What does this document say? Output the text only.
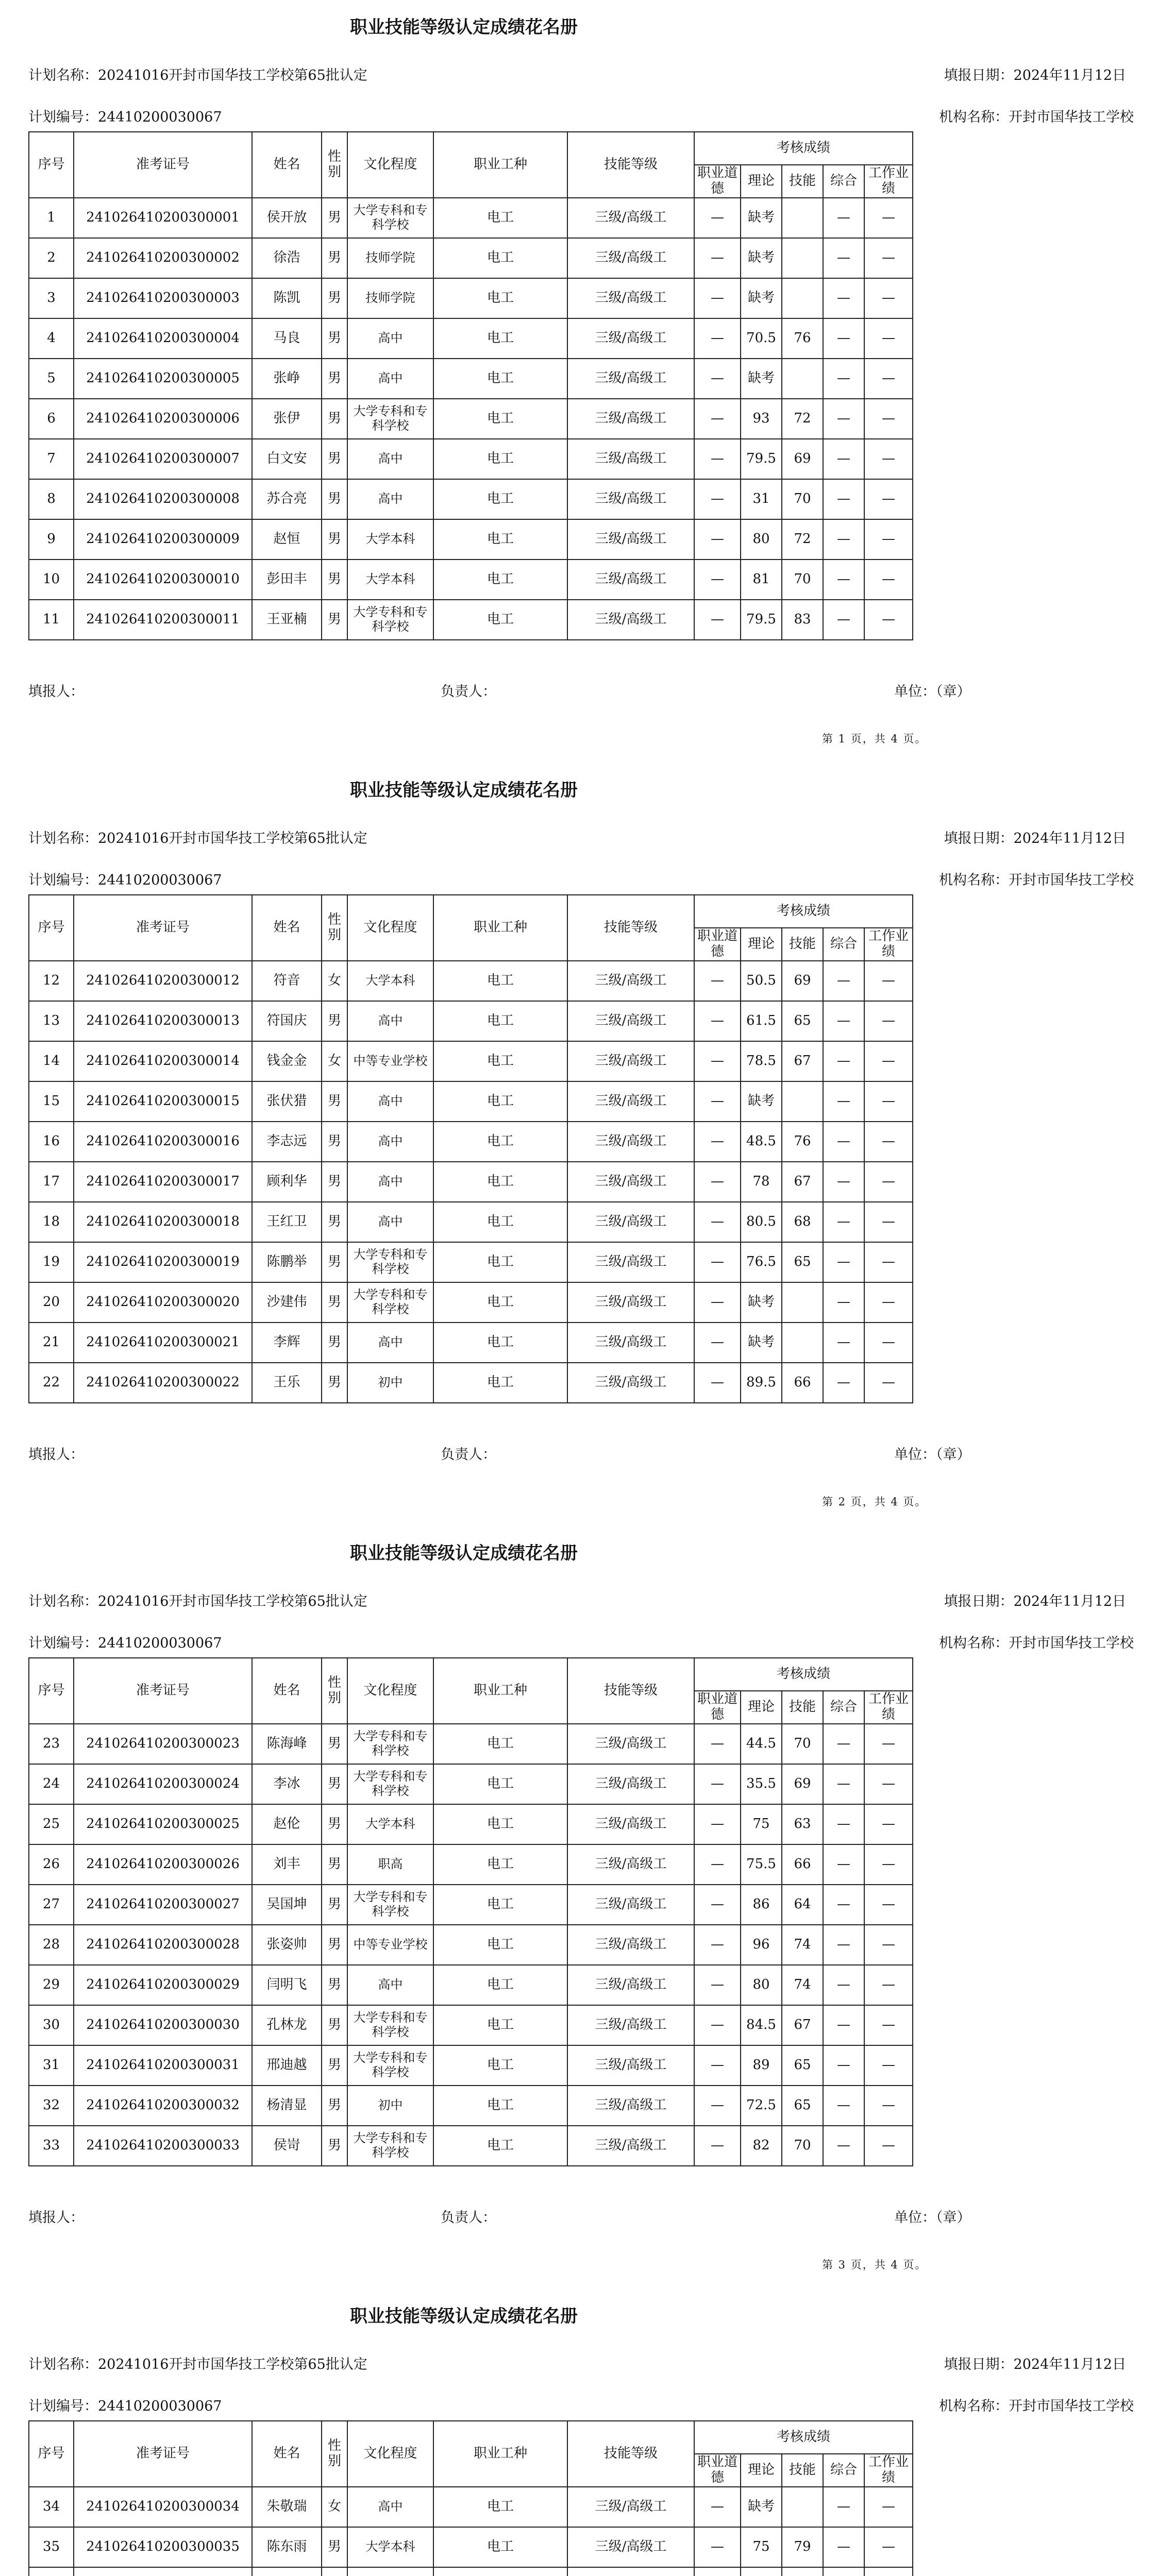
职业技能等级认定成绩花名册
计划名称：20241016开封市国华技工学校第65批认定	填报日期：2024年11月12日
计划编号：24410200030067	机构名称：开封市国华技工学校
序号	准考证号	姓名	性别	文化程度	职业工种	技能等级	考核成绩				
							职业道德	理论	技能	综合	工作业绩
1	241026410200300001	侯开放	男	大学专科和专科学校	电工	三级/高级工	—	缺考		—	—
2	241026410200300002	徐浩	男	技师学院	电工	三级/高级工	—	缺考		—	—
3	241026410200300003	陈凯	男	技师学院	电工	三级/高级工	—	缺考		—	—
4	241026410200300004	马良	男	高中	电工	三级/高级工	—	70.5	76	—	—
5	241026410200300005	张峥	男	高中	电工	三级/高级工	—	缺考		—	—
6	241026410200300006	张伊	男	大学专科和专科学校	电工	三级/高级工	—	93	72	—	—
7	241026410200300007	白文安	男	高中	电工	三级/高级工	—	79.5	69	—	—
8	241026410200300008	苏合亮	男	高中	电工	三级/高级工	—	31	70	—	—
9	241026410200300009	赵恒	男	大学本科	电工	三级/高级工	—	80	72	—	—
10	241026410200300010	彭田丰	男	大学本科	电工	三级/高级工	—	81	70	—	—
11	241026410200300011	王亚楠	男	大学专科和专科学校	电工	三级/高级工	—	79.5	83	—	—
填报人：	负责人：	单位：（章）
第 1 页，共 4 页。
职业技能等级认定成绩花名册
计划名称：20241016开封市国华技工学校第65批认定	填报日期：2024年11月12日
计划编号：24410200030067	机构名称：开封市国华技工学校
序号	准考证号	姓名	性别	文化程度	职业工种	技能等级	考核成绩				
							职业道德	理论	技能	综合	工作业绩
12	241026410200300012	符音	女	大学本科	电工	三级/高级工	—	50.5	69	—	—
13	241026410200300013	符国庆	男	高中	电工	三级/高级工	—	61.5	65	—	—
14	241026410200300014	钱金金	女	中等专业学校	电工	三级/高级工	—	78.5	67	—	—
15	241026410200300015	张伏猎	男	高中	电工	三级/高级工	—	缺考		—	—
16	241026410200300016	李志远	男	高中	电工	三级/高级工	—	48.5	76	—	—
17	241026410200300017	顾利华	男	高中	电工	三级/高级工	—	78	67	—	—
18	241026410200300018	王红卫	男	高中	电工	三级/高级工	—	80.5	68	—	—
19	241026410200300019	陈鹏举	男	大学专科和专科学校	电工	三级/高级工	—	76.5	65	—	—
20	241026410200300020	沙建伟	男	大学专科和专科学校	电工	三级/高级工	—	缺考		—	—
21	241026410200300021	李辉	男	高中	电工	三级/高级工	—	缺考		—	—
22	241026410200300022	王乐	男	初中	电工	三级/高级工	—	89.5	66	—	—
填报人：	负责人：	单位：（章）
第 2 页，共 4 页。
职业技能等级认定成绩花名册
计划名称：20241016开封市国华技工学校第65批认定	填报日期：2024年11月12日
计划编号：24410200030067	机构名称：开封市国华技工学校
序号	准考证号	姓名	性别	文化程度	职业工种	技能等级	考核成绩				
							职业道德	理论	技能	综合	工作业绩
23	241026410200300023	陈海峰	男	大学专科和专科学校	电工	三级/高级工	—	44.5	70	—	—
24	241026410200300024	李冰	男	大学专科和专科学校	电工	三级/高级工	—	35.5	69	—	—
25	241026410200300025	赵伦	男	大学本科	电工	三级/高级工	—	75	63	—	—
26	241026410200300026	刘丰	男	职高	电工	三级/高级工	—	75.5	66	—	—
27	241026410200300027	吴国坤	男	大学专科和专科学校	电工	三级/高级工	—	86	64	—	—
28	241026410200300028	张姿帅	男	中等专业学校	电工	三级/高级工	—	96	74	—	—
29	241026410200300029	闫明飞	男	高中	电工	三级/高级工	—	80	74	—	—
30	241026410200300030	孔林龙	男	大学专科和专科学校	电工	三级/高级工	—	84.5	67	—	—
31	241026410200300031	邢迪越	男	大学专科和专科学校	电工	三级/高级工	—	89	65	—	—
32	241026410200300032	杨清显	男	初中	电工	三级/高级工	—	72.5	65	—	—
33	241026410200300033	侯岢	男	大学专科和专科学校	电工	三级/高级工	—	82	70	—	—
填报人：	负责人：	单位：（章）
第 3 页，共 4 页。
职业技能等级认定成绩花名册
计划名称：20241016开封市国华技工学校第65批认定	填报日期：2024年11月12日
计划编号：24410200030067	机构名称：开封市国华技工学校
序号	准考证号	姓名	性别	文化程度	职业工种	技能等级	考核成绩				
							职业道德	理论	技能	综合	工作业绩
34	241026410200300034	朱敬瑞	女	高中	电工	三级/高级工	—	缺考		—	—
35	241026410200300035	陈东雨	男	大学本科	电工	三级/高级工	—	75	79	—	—
